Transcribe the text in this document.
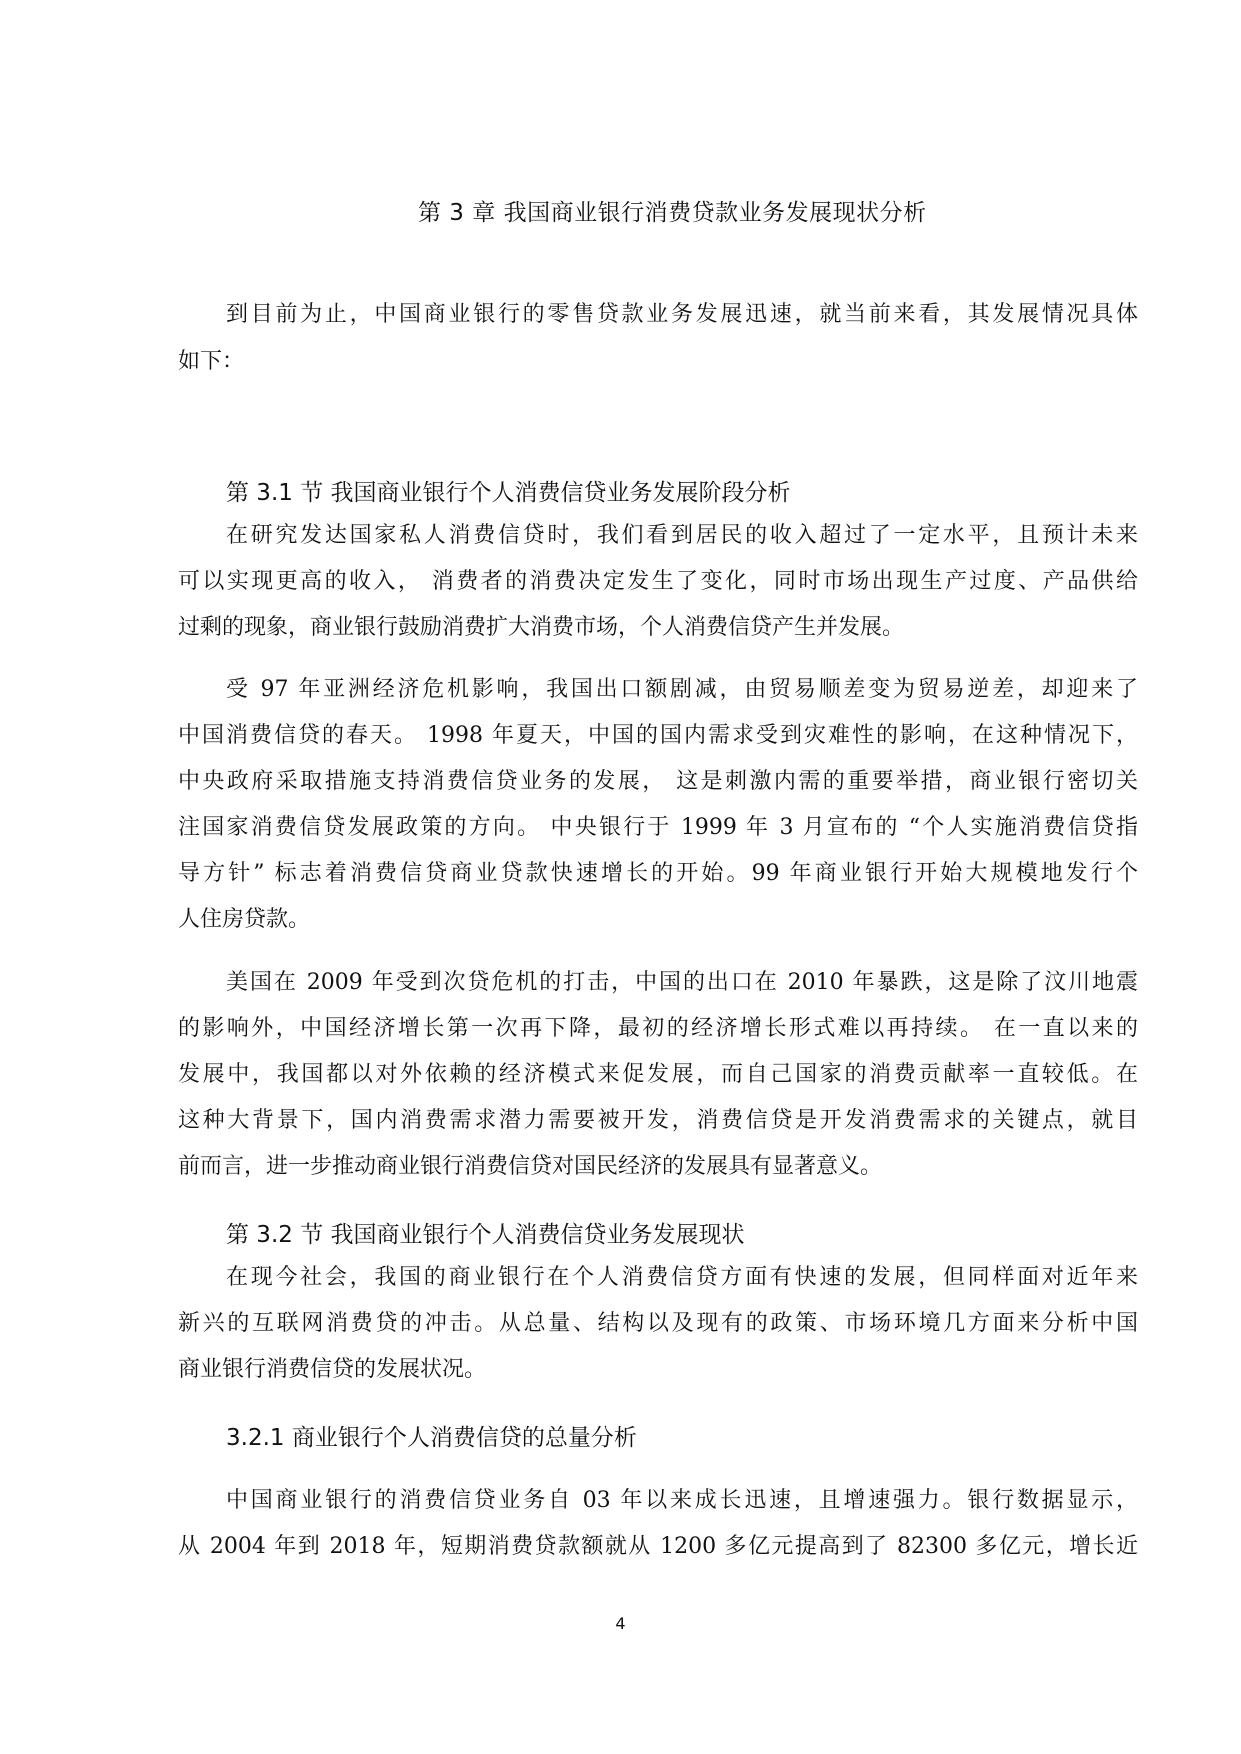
第 3 章 我国商业银行消费贷款业务发展现状分析
到目前为止，中国商业银行的零售贷款业务发展迅速，就当前来看，其发展情况具体
如下：
第 3.1 节 我国商业银行个人消费信贷业务发展阶段分析
在研究发达国家私人消费信贷时，我们看到居民的收入超过了一定水平，且预计未来
可以实现更高的收入， 消费者的消费决定发生了变化，同时市场出现生产过度、产品供给
过剩的现象，商业银行鼓励消费扩大消费市场，个人消费信贷产生并发展。
受 97 年亚洲经济危机影响，我国出口额剧减，由贸易顺差变为贸易逆差，却迎来了
中国消费信贷的春天。 1998 年夏天，中国的国内需求受到灾难性的影响，在这种情况下，
中央政府采取措施支持消费信贷业务的发展， 这是刺激内需的重要举措，商业银行密切关
注国家消费信贷发展政策的方向。 中央银行于 1999 年 3 月宣布的 “个人实施消费信贷指
导方针” 标志着消费信贷商业贷款快速增长的开始。99 年商业银行开始大规模地发行个
人住房贷款。
美国在 2009 年受到次贷危机的打击，中国的出口在 2010 年暴跌，这是除了汶川地震
的影响外，中国经济增长第一次再下降，最初的经济增长形式难以再持续。 在一直以来的
发展中，我国都以对外依赖的经济模式来促发展，而自己国家的消费贡献率一直较低。在
这种大背景下，国内消费需求潜力需要被开发，消费信贷是开发消费需求的关键点，就目
前而言，进一步推动商业银行消费信贷对国民经济的发展具有显著意义。
第 3.2 节 我国商业银行个人消费信贷业务发展现状
在现今社会，我国的商业银行在个人消费信贷方面有快速的发展，但同样面对近年来
新兴的互联网消费贷的冲击。从总量、结构以及现有的政策、市场环境几方面来分析中国
商业银行消费信贷的发展状况。
3.2.1 商业银行个人消费信贷的总量分析
中国商业银行的消费信贷业务自 03 年以来成长迅速，且增速强力。银行数据显示，
从 2004 年到 2018 年，短期消费贷款额就从 1200 多亿元提高到了 82300 多亿元，增长近
4
